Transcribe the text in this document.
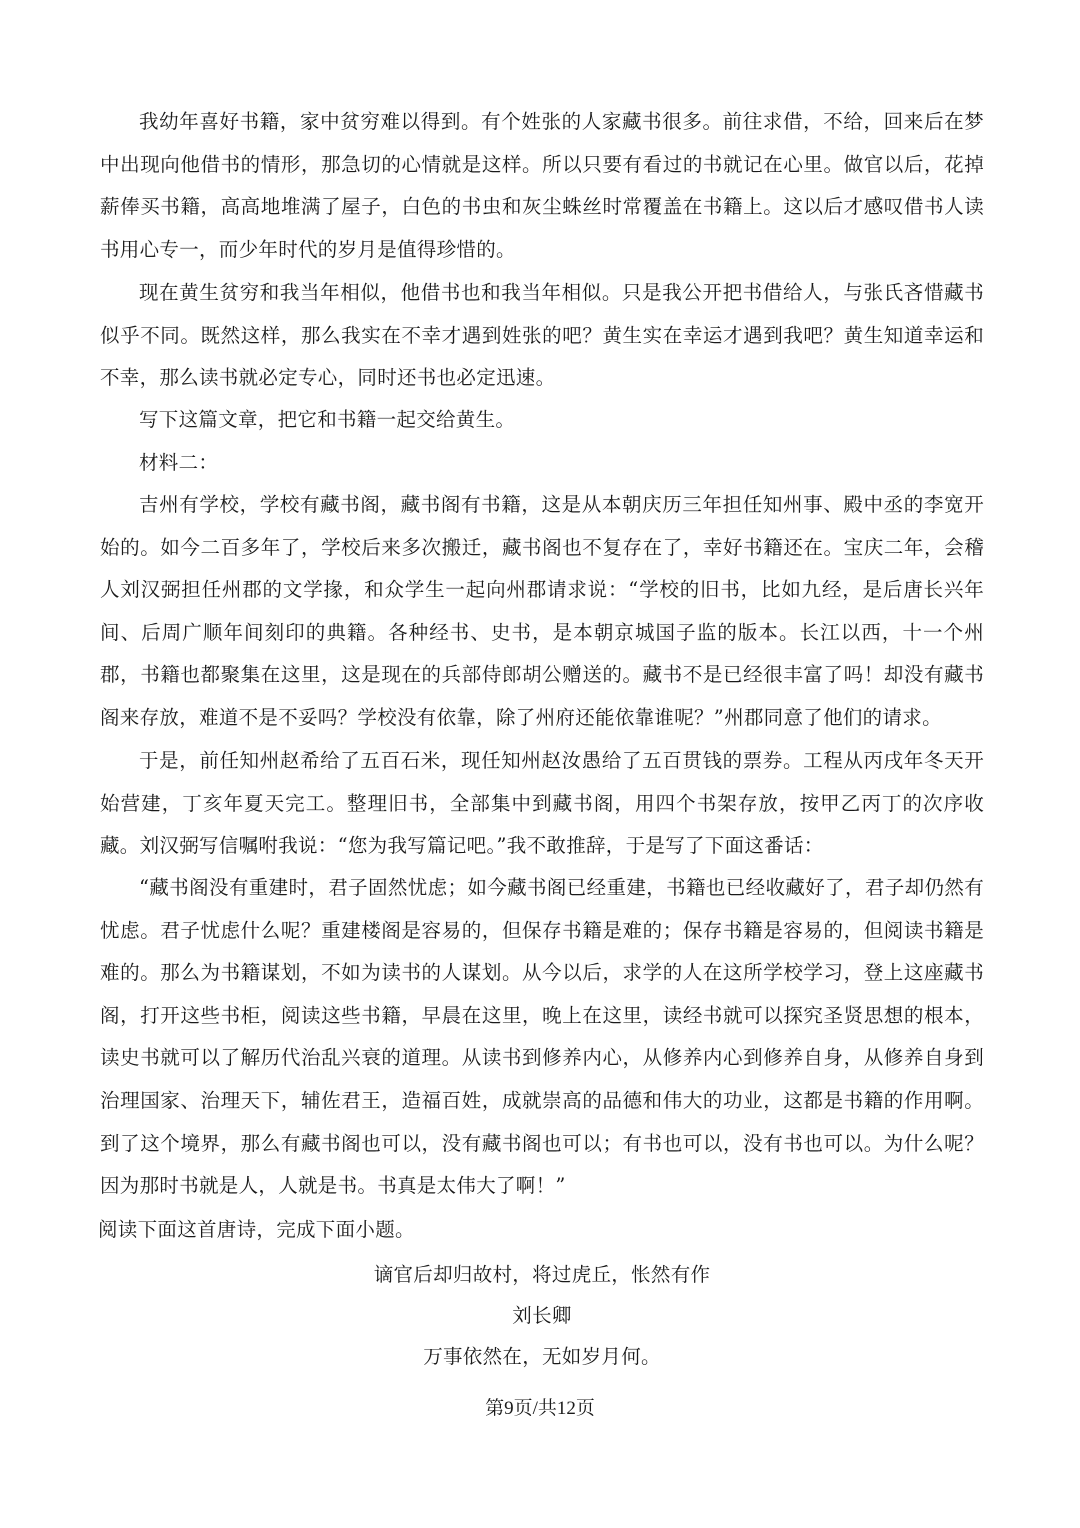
我幼年喜好书籍，家中贫穷难以得到。有个姓张的人家藏书很多。前往求借，不给，回来后在梦中出现向他借书的情形，那急切的心情就是这样。所以只要有看过的书就记在心里。做官以后，花掉薪俸买书籍，高高地堆满了屋子，白色的书虫和灰尘蛛丝时常覆盖在书籍上。这以后才感叹借书人读书用心专一，而少年时代的岁月是值得珍惜的。

现在黄生贫穷和我当年相似，他借书也和我当年相似。只是我公开把书借给人，与张氏吝惜藏书似乎不同。既然这样，那么我实在不幸才遇到姓张的吧？黄生实在幸运才遇到我吧？黄生知道幸运和不幸，那么读书就必定专心，同时还书也必定迅速。

写下这篇文章，把它和书籍一起交给黄生。

材料二：

吉州有学校，学校有藏书阁，藏书阁有书籍，这是从本朝庆历三年担任知州事、殿中丞的李宽开始的。如今二百多年了，学校后来多次搬迁，藏书阁也不复存在了，幸好书籍还在。宝庆二年，会稽人刘汉弼担任州郡的文学掾，和众学生一起向州郡请求说：“学校的旧书，比如九经，是后唐长兴年间、后周广顺年间刻印的典籍。各种经书、史书，是本朝京城国子监的版本。长江以西，十一个州郡，书籍也都聚集在这里，这是现在的兵部侍郎胡公赠送的。藏书不是已经很丰富了吗！却没有藏书阁来存放，难道不是不妥吗？学校没有依靠，除了州府还能依靠谁呢？”州郡同意了他们的请求。

于是，前任知州赵希给了五百石米，现任知州赵汝愚给了五百贯钱的票券。工程从丙戌年冬天开始营建，丁亥年夏天完工。整理旧书，全部集中到藏书阁，用四个书架存放，按甲乙丙丁的次序收藏。刘汉弼写信嘱咐我说：“您为我写篇记吧。”我不敢推辞，于是写了下面这番话：

“藏书阁没有重建时，君子固然忧虑；如今藏书阁已经重建，书籍也已经收藏好了，君子却仍然有忧虑。君子忧虑什么呢？重建楼阁是容易的，但保存书籍是难的；保存书籍是容易的，但阅读书籍是难的。那么为书籍谋划，不如为读书的人谋划。从今以后，求学的人在这所学校学习，登上这座藏书阁，打开这些书柜，阅读这些书籍，早晨在这里，晚上在这里，读经书就可以探究圣贤思想的根本，读史书就可以了解历代治乱兴衰的道理。从读书到修养内心，从修养内心到修养自身，从修养自身到治理国家、治理天下，辅佐君王，造福百姓，成就崇高的品德和伟大的功业，这都是书籍的作用啊。到了这个境界，那么有藏书阁也可以，没有藏书阁也可以；有书也可以，没有书也可以。为什么呢？因为那时书就是人，人就是书。书真是太伟大了啊！”

阅读下面这首唐诗，完成下面小题。

谪官后却归故村，将过虎丘，怅然有作

刘长卿

万事依然在，无如岁月何。

第9页/共12页
